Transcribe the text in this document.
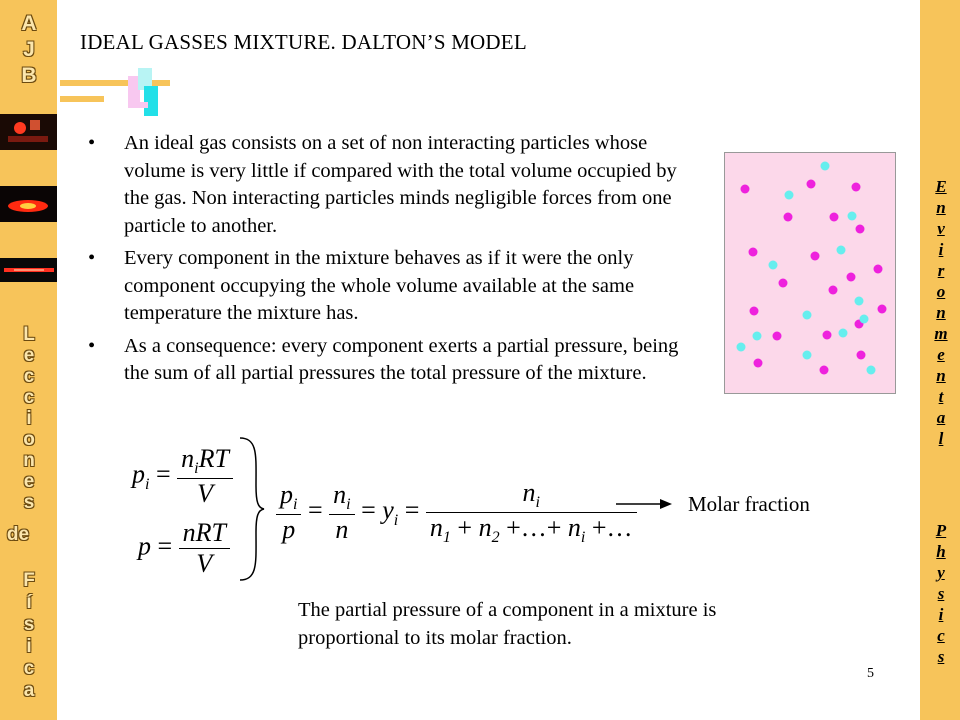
A
J
B
L
e
c
c
i
o
n
e
s
de
F
í
s
i
c
a
E
n
v
i
r
o
n
m
e
n
t
a
l
P
h
y
s
i
c
s
IDEAL GASSES MIXTURE. DALTON’S MODEL
• An ideal gas consists on a set of non interacting particles whose volume is very little if compared with the total volume occupied by the gas. Non interacting particles minds negligible forces from one particle to another.
• Every component in the mixture behaves as if it were the only component occupying the whole volume available at the same temperature the mixture has.
• As a consequence: every component exerts a partial pressure, being the sum of all partial pressures the total pressure of the mixture.
$p_i = \frac{n_iRT}{V}$
$p = \frac{\text{nRT}}{V}$
$\frac{p_i}{p} = \frac{n_i}{n} = y_i = \frac{n_i}{n_1 + n_2 +\dots+ n_i +\dots}$ Molar fraction
The partial pressure of a component in a mixture is proportional to its molar fraction.
5
